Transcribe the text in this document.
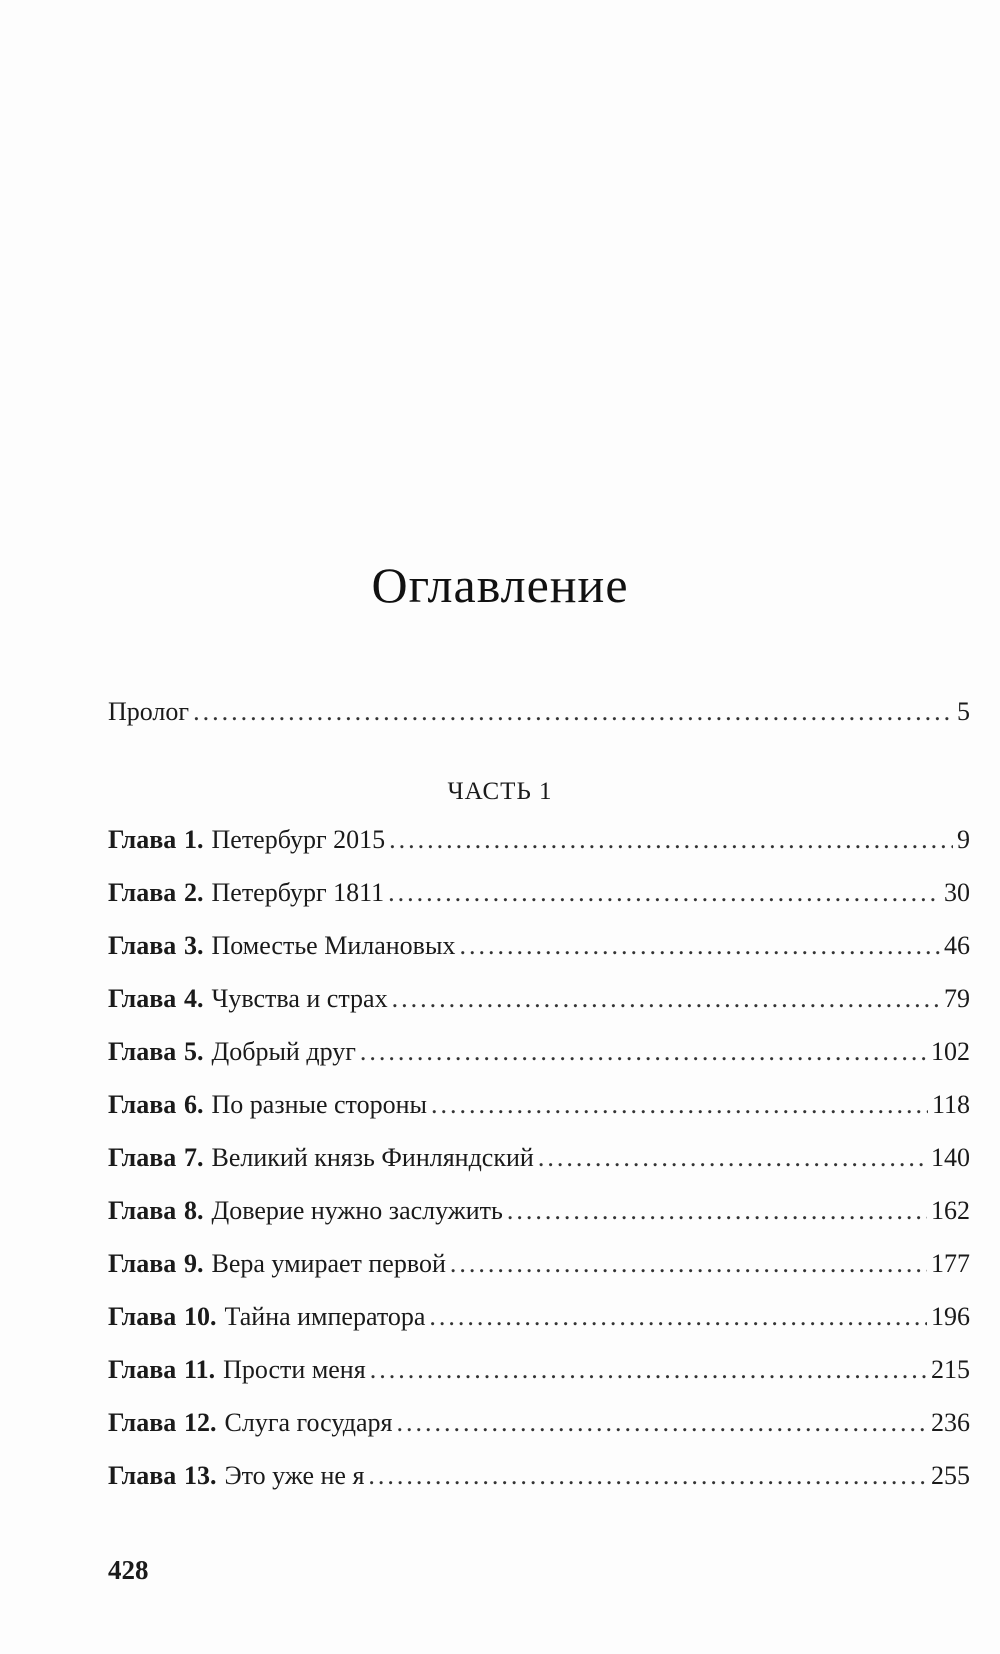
Оглавление
Пролог .....	5
Глава 1. Петербург 2015 .....	9
Глава 2. Петербург 1811 .....	30
Глава 3. Поместье Милановых .....	46
Глава 4. Чувства и страх .....	79
Глава 5. Добрый друг .....	102
Глава 6. По разные стороны .....	118
Глава 7. Великий князь Финляндский .....	140
Глава 8. Доверие нужно заслужить .....	162
Глава 9. Вера умирает первой .....	177
Глава 10. Тайна императора .....	196
Глава 11. Прости меня .....	215
Глава 12. Слуга государя .....	236
Глава 13. Это уже не я .....	255
ЧАСТЬ 1
428
